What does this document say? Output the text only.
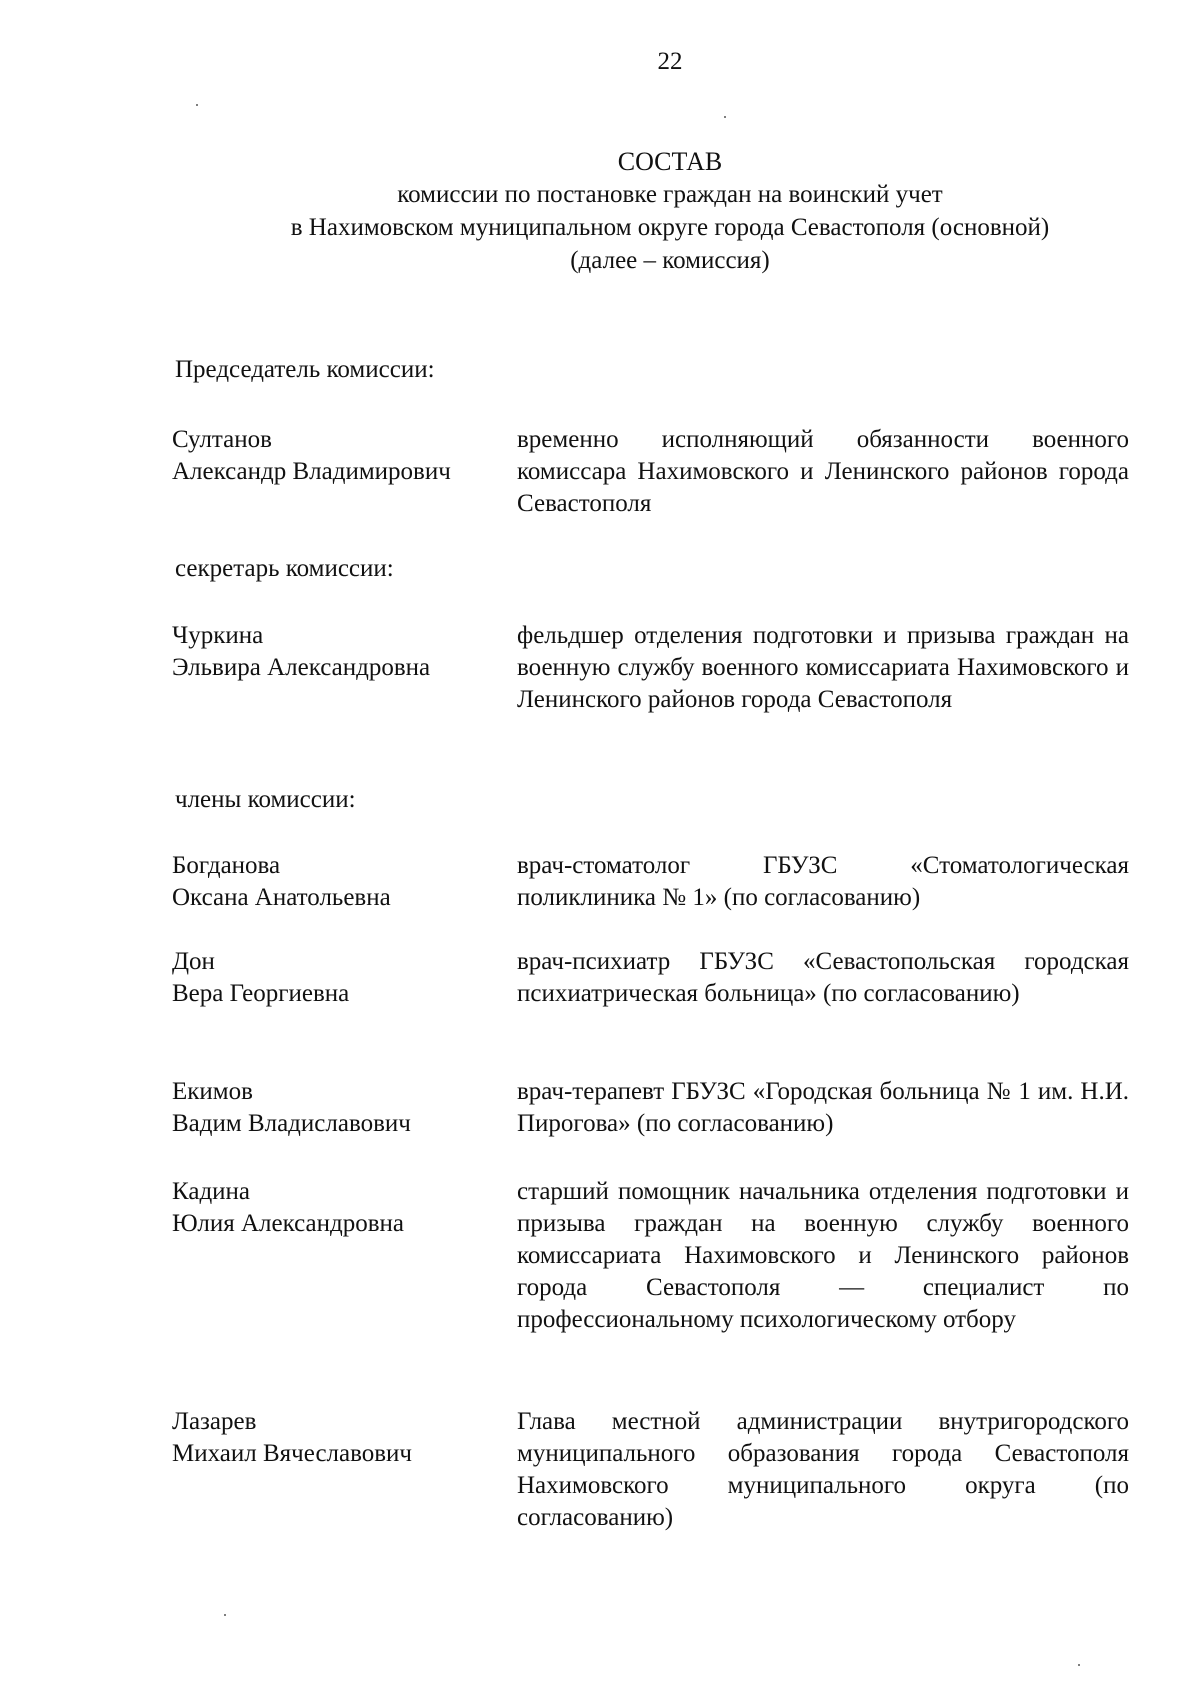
22
СОСТАВ
комиссии по постановке граждан на воинский учет
в Нахимовском муниципальном округе города Севастополя (основной)
(далее – комиссия)
Председатель комиссии:
Султанов
Александр Владимирович
временно исполняющий обязанности военного комиссара Нахимовского и Ленинского районов города Севастополя
секретарь комиссии:
Чуркина
Эльвира Александровна
фельдшер отделения подготовки и призыва граждан на военную службу военного комиссариата Нахимовского и Ленинского районов города Севастополя
члены комиссии:
Богданова
Оксана Анатольевна
врач-стоматолог ГБУЗС «Стоматологическая поликлиника № 1» (по согласованию)
Дон
Вера Георгиевна
врач-психиатр ГБУЗС «Севастопольская городская психиатрическая больница» (по согласованию)
Екимов
Вадим Владиславович
врач-терапевт ГБУЗС «Городская больница № 1 им. Н.И. Пирогова» (по согласованию)
Кадина
Юлия Александровна
старший помощник начальника отделения подготовки и призыва граждан на военную службу военного комиссариата Нахимовского и Ленинского районов города Севастополя — специалист по профессиональному психологическому отбору
Лазарев
Михаил Вячеславович
Глава местной администрации внутригородского муниципального образования города Севастополя Нахимовского муниципального округа (по согласованию)
